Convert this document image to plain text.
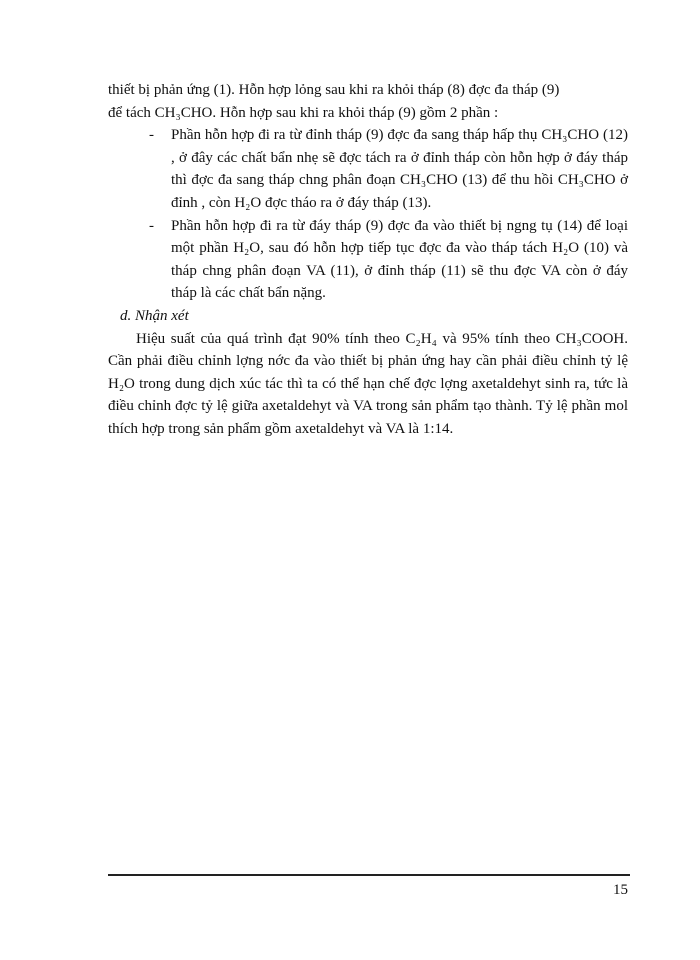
thiết bị phản ứng (1). Hỗn hợp lỏng sau khi ra khỏi tháp (8) đợc đa tháp (9)

để tách CH₃CHO. Hỗn hợp sau khi ra khỏi tháp (9) gồm 2 phần :

- Phần hỗn hợp đi ra từ đỉnh tháp (9) đợc đa sang tháp hấp thụ CH₃CHO (12) , ở đây các chất bẩn nhẹ sẽ đợc tách ra ở đỉnh tháp còn hỗn hợp ở đáy tháp thì đợc đa sang tháp chng phân đoạn CH₃CHO (13) để thu hồi CH₃CHO ở đỉnh , còn H₂O đợc tháo ra ở đáy tháp (13).
- Phần hỗn hợp đi ra từ đáy tháp (9) đợc đa vào thiết bị ngng tụ (14) để loại một phần H₂O, sau đó hỗn hợp tiếp tục đợc đa vào tháp tách H₂O (10) và tháp chng phân đoạn VA (11), ở đỉnh tháp (11) sẽ thu đợc VA còn ở đáy tháp là các chất bẩn nặng.

d. Nhận xét

Hiệu suất của quá trình đạt 90% tính theo C₂H₄ và 95% tính theo CH₃COOH. Cần phải điều chỉnh lợng nớc đa vào thiết bị phản ứng hay cần phải điều chỉnh tỷ lệ H₂O trong dung dịch xúc tác thì ta có thể hạn chế đợc lợng axetaldehyt sinh ra, tức là điều chỉnh đợc tỷ lệ giữa axetaldehyt và VA trong sản phẩm tạo thành. Tỷ lệ phần mol thích hợp trong sản phẩm gồm axetaldehyt và VA là 1:14.

15
